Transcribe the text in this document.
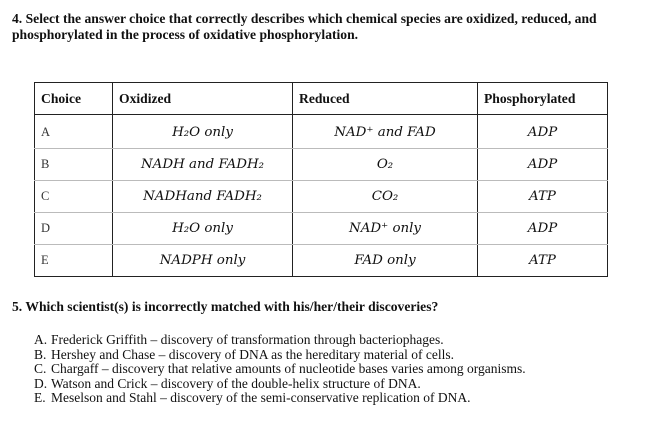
4. Select the answer choice that correctly describes which chemical species are oxidized, reduced, and phosphorylated in the process of oxidative phosphorylation.

Choice	Oxidized	Reduced	Phosphorylated
A	H₂O only	NAD⁺ and FAD	ADP
B	NADH and FADH₂	O₂	ADP
C	NADHand FADH₂	CO₂	ATP
D	H₂O only	NAD⁺ only	ADP
E	NADPH only	FAD only	ATP

5. Which scientist(s) is incorrectly matched with his/her/their discoveries?

A. Frederick Griffith – discovery of transformation through bacteriophages.
B. Hershey and Chase – discovery of DNA as the hereditary material of cells.
C. Chargaff – discovery that relative amounts of nucleotide bases varies among organisms.
D. Watson and Crick – discovery of the double-helix structure of DNA.
E. Meselson and Stahl – discovery of the semi-conservative replication of DNA.
